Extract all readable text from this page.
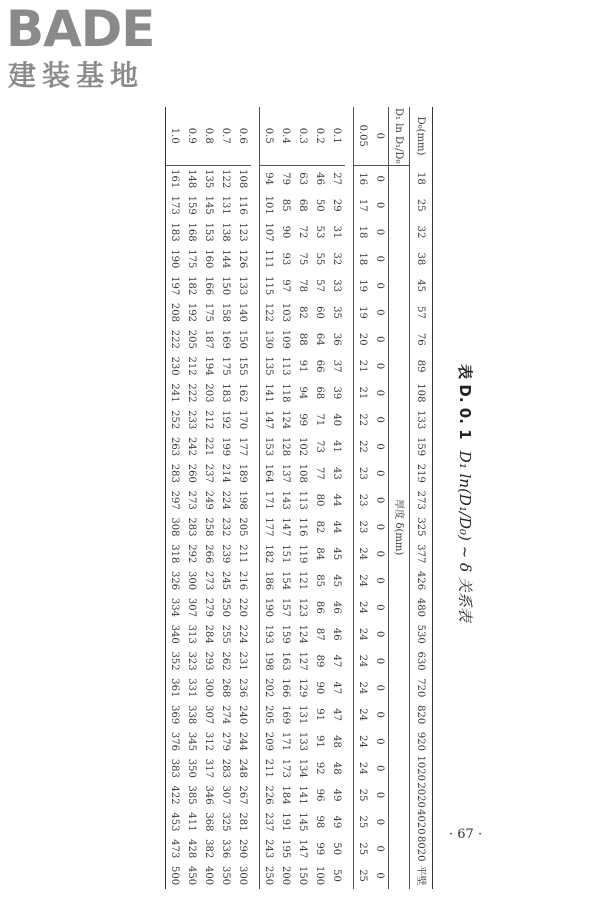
BADE
建装基地
表 D. 0. 1 D₁ ln(D₁/D₀) ~ δ 关系表
D₀(mm)	18	25	32	38	45	57	76	89	108	133	159	219	273	325	377	426	480	530	630	720	820	920	1020	2020	4020	8020	平壁
D₁ ln D₁/D₀	厚度 δ(mm)																										
0	0	0	0	0	0	0	0	0	0	0	0	0	0	0	0	0	0	0	0	0	0	0	0	0	0	0	0
0.05	16	17	18	18	19	19	20	21	21	22	22	23	23	23	24	24	24	24	24	24	24	24	24	25	25	25	25

0.1	27	29	31	32	33	35	36	37	39	40	41	43	44	44	45	45	46	46	47	47	47	48	48	49	49	50	50
0.2	46	50	53	55	57	60	64	66	68	71	73	77	80	82	84	85	86	87	89	90	91	91	92	96	98	99	100
0.3	63	68	72	75	78	82	88	91	94	99	102	108	113	116	119	121	123	124	127	129	131	133	134	141	145	147	150
0.4	79	85	90	93	97	103	109	113	118	124	128	137	143	147	151	154	157	159	163	166	169	171	173	184	191	195	200
0.5	94	101	107	111	115	122	130	135	141	147	153	164	171	177	182	186	190	193	198	202	205	209	211	226	237	243	250

0.6	108	116	123	126	133	140	150	155	162	170	177	189	198	205	211	216	220	224	231	236	240	244	248	267	281	290	300
0.7	122	131	138	144	150	158	169	175	183	192	199	214	224	232	239	245	250	255	262	268	274	279	283	307	325	336	350
0.8	135	145	153	160	166	175	187	194	203	212	221	237	249	258	266	273	279	284	293	300	307	312	317	346	368	382	400
0.9	148	159	168	175	182	192	205	212	222	233	242	260	273	283	292	300	307	313	323	331	338	345	350	385	411	428	450
1.0	161	173	183	190	197	208	222	230	241	252	263	283	297	308	318	326	334	340	352	361	369	376	383	422	453	473	500
· 67 ·
